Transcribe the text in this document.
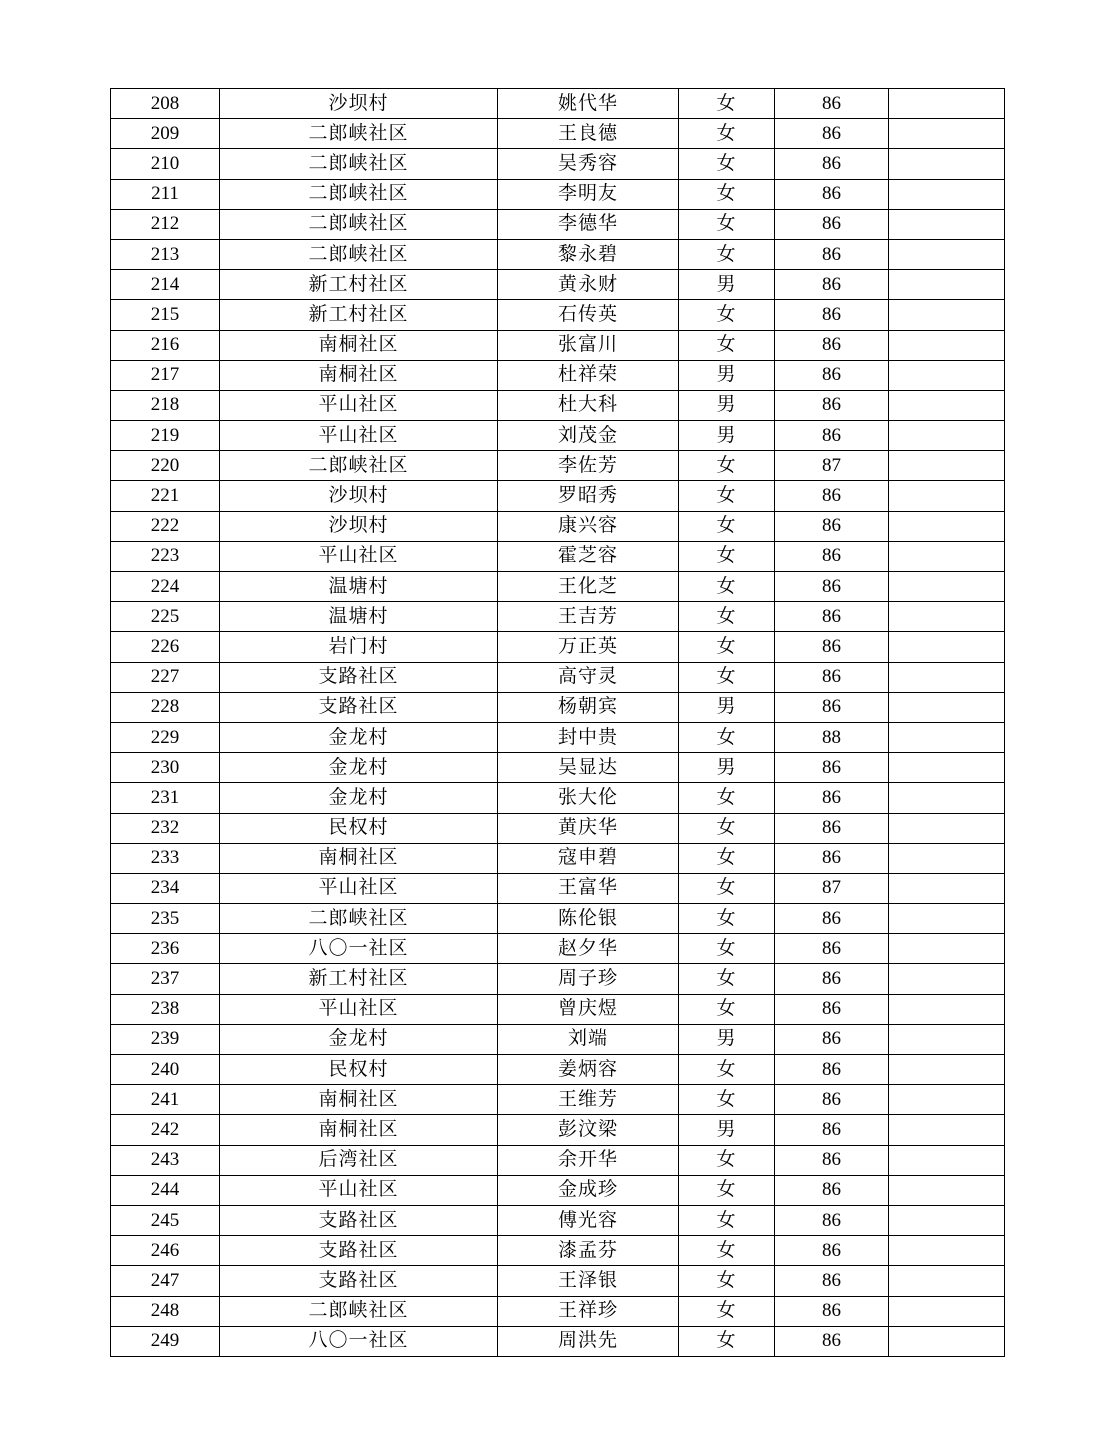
208	沙坝村	姚代华	女	86	
209	二郎峡社区	王良德	女	86	
210	二郎峡社区	吴秀容	女	86	
211	二郎峡社区	李明友	女	86	
212	二郎峡社区	李德华	女	86	
213	二郎峡社区	黎永碧	女	86	
214	新工村社区	黄永财	男	86	
215	新工村社区	石传英	女	86	
216	南桐社区	张富川	女	86	
217	南桐社区	杜祥荣	男	86	
218	平山社区	杜大科	男	86	
219	平山社区	刘茂金	男	86	
220	二郎峡社区	李佐芳	女	87	
221	沙坝村	罗昭秀	女	86	
222	沙坝村	康兴容	女	86	
223	平山社区	霍芝容	女	86	
224	温塘村	王化芝	女	86	
225	温塘村	王吉芳	女	86	
226	岩门村	万正英	女	86	
227	支路社区	高守灵	女	86	
228	支路社区	杨朝宾	男	86	
229	金龙村	封中贵	女	88	
230	金龙村	吴显达	男	86	
231	金龙村	张大伦	女	86	
232	民权村	黄庆华	女	86	
233	南桐社区	寇申碧	女	86	
234	平山社区	王富华	女	87	
235	二郎峡社区	陈伦银	女	86	
236	八〇一社区	赵夕华	女	86	
237	新工村社区	周子珍	女	86	
238	平山社区	曾庆煜	女	86	
239	金龙村	刘端	男	86	
240	民权村	姜炳容	女	86	
241	南桐社区	王维芳	女	86	
242	南桐社区	彭汶梁	男	86	
243	后湾社区	余开华	女	86	
244	平山社区	金成珍	女	86	
245	支路社区	傅光容	女	86	
246	支路社区	漆孟芬	女	86	
247	支路社区	王泽银	女	86	
248	二郎峡社区	王祥珍	女	86	
249	八〇一社区	周洪先	女	86	
